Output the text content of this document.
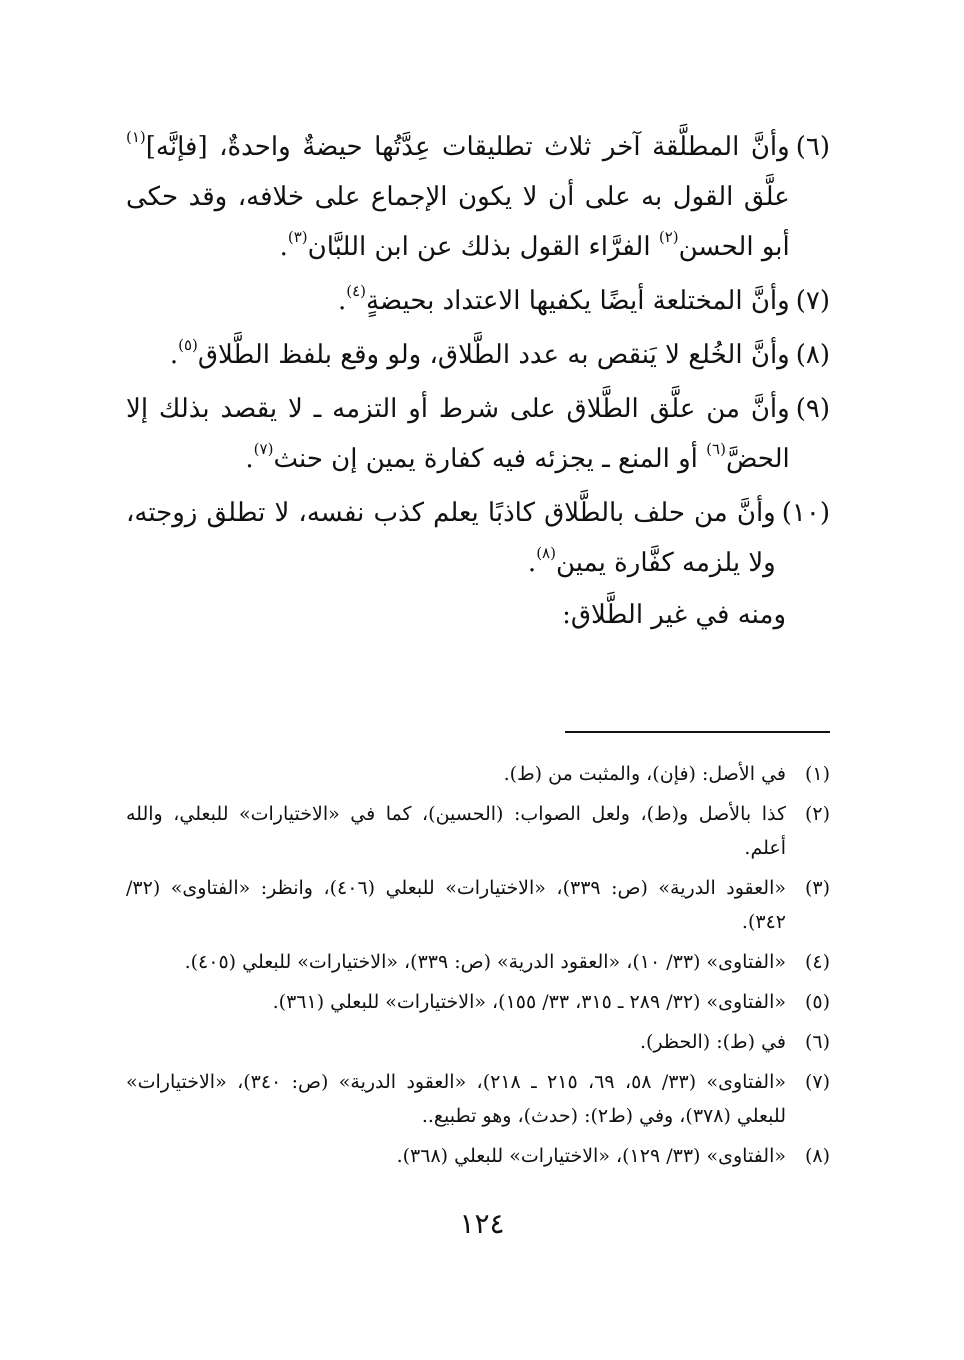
(٦)
وأنَّ المطلَّقة آخر ثلاث تطليقات عِدَّتُها حيضةٌ واحدةٌ، [فإنَّه]$^{(١)}$ علَّق القول به على أن لا يكون الإجماع على خلافه، وقد حكى أبو الحسن$^{(٢)}$ الفرَّاء القول بذلك عن ابن اللبَّان$^{(٣)}$.
(٧)
وأنَّ المختلعة أيضًا يكفيها الاعتداد بحيضةٍ$^{(٤)}$.
(٨)
وأنَّ الخُلع لا يَنقص به عدد الطَّلاق، ولو وقع بلفظ الطَّلاق$^{(٥)}$.
(٩)
وأنَّ من علَّق الطَّلاق على شرط أو التزمه ـ لا يقصد بذلك إلا الحضَّ$^{(٦)}$ أو المنع ـ يجزئه فيه كفارة يمين إن حنث$^{(٧)}$.
(١٠)
وأنَّ من حلف بالطَّلاق كاذبًا يعلم كذب نفسه، لا تطلق زوجته، ولا يلزمه كفَّارة يمين$^{(٨)}$.
ومنه في غير الطَّلاق:
(١)
في الأصل: (فإن)، والمثبت من (ط).
(٢)
كذا بالأصل و(ط)، ولعل الصواب: (الحسين)، كما في «الاختيارات» للبعلي، والله أعلم.
(٣)
«العقود الدرية» (ص: ٣٣٩)، «الاختيارات» للبعلي (٤٠٦)، وانظر: «الفتاوى» (٣٢/ ٣٤٢).
(٤)
«الفتاوى» (٣٣/ ١٠)، «العقود الدرية» (ص: ٣٣٩)، «الاختيارات» للبعلي (٤٠٥).
(٥)
«الفتاوى» (٣٢/ ٢٨٩ ـ ٣١٥، ٣٣/ ١٥٥)، «الاختيارات» للبعلي (٣٦١).
(٦)
في (ط): (الحظر).
(٧)
«الفتاوى» (٣٣/ ٥٨، ٦٩، ٢١٥ ـ ٢١٨)، «العقود الدرية» (ص: ٣٤٠)، «الاختيارات» للبعلي (٣٧٨)، وفي (ط٢): (حدث)، وهو تطبيع..
(٨)
«الفتاوى» (٣٣/ ١٢٩)، «الاختيارات» للبعلي (٣٦٨).
١٢٤
